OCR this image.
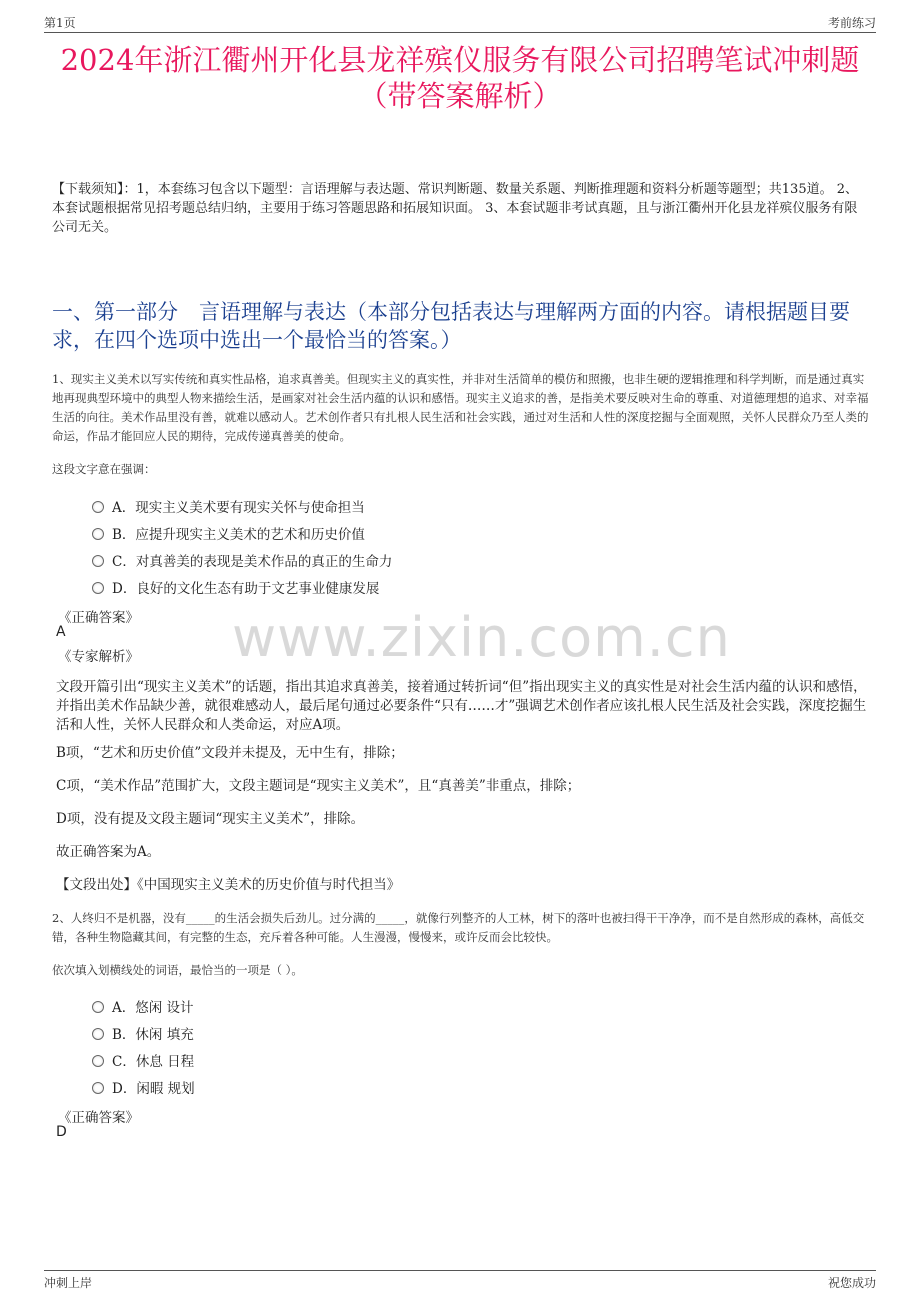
第1页	考前练习
2024年浙江衢州开化县龙祥殡仪服务有限公司招聘笔试冲刺题（带答案解析）
【下载须知】：1，本套练习包含以下题型：言语理解与表达题、常识判断题、数量关系题、判断推理题和资料分析题等题型；共135道。 2、本套试题根据常见招考题总结归纳，主要用于练习答题思路和拓展知识面。 3、本套试题非考试真题，且与浙江衢州开化县龙祥殡仪服务有限公司无关。
一、第一部分　言语理解与表达（本部分包括表达与理解两方面的内容。请根据题目要求，在四个选项中选出一个最恰当的答案。）
1、现实主义美术以写实传统和真实性品格，追求真善美。但现实主义的真实性，并非对生活简单的模仿和照搬，也非生硬的逻辑推理和科学判断，而是通过真实地再现典型环境中的典型人物来描绘生活，是画家对社会生活内蕴的认识和感悟。现实主义追求的善，是指美术要反映对生命的尊重、对道德理想的追求、对幸福生活的向往。美术作品里没有善，就难以感动人。艺术创作者只有扎根人民生活和社会实践，通过对生活和人性的深度挖掘与全面观照，关怀人民群众乃至人类的命运，作品才能回应人民的期待，完成传递真善美的使命。
这段文字意在强调：
A．现实主义美术要有现实关怀与使命担当
B．应提升现实主义美术的艺术和历史价值
C．对真善美的表现是美术作品的真正的生命力
D．良好的文化生态有助于文艺事业健康发展
《正确答案》
A
《专家解析》 www.zixin.com.cn
文段开篇引出“现实主义美术”的话题，指出其追求真善美，接着通过转折词“但”指出现实主义的真实性是对社会生活内蕴的认识和感悟，并指出美术作品缺少善，就很难感动人，最后尾句通过必要条件“只有……才”强调艺术创作者应该扎根人民生活及社会实践，深度挖掘生活和人性，关怀人民群众和人类命运，对应A项。
B项，“艺术和历史价值”文段并未提及，无中生有，排除；
C项，“美术作品”范围扩大，文段主题词是“现实主义美术”，且“真善美”非重点，排除；
D项，没有提及文段主题词“现实主义美术”，排除。
故正确答案为A。
【文段出处】《中国现实主义美术的历史价值与时代担当》
2、人终归不是机器，没有_____的生活会损失后劲儿。过分满的_____，就像行列整齐的人工林，树下的落叶也被扫得干干净净，而不是自然形成的森林，高低交错，各种生物隐藏其间，有完整的生态，充斥着各种可能。人生漫漫，慢慢来，或许反而会比较快。
依次填入划横线处的词语，最恰当的一项是（ ）。
A．悠闲 设计
B．休闲 填充
C．休息 日程
D．闲暇 规划
《正确答案》
D
冲刺上岸	祝您成功
